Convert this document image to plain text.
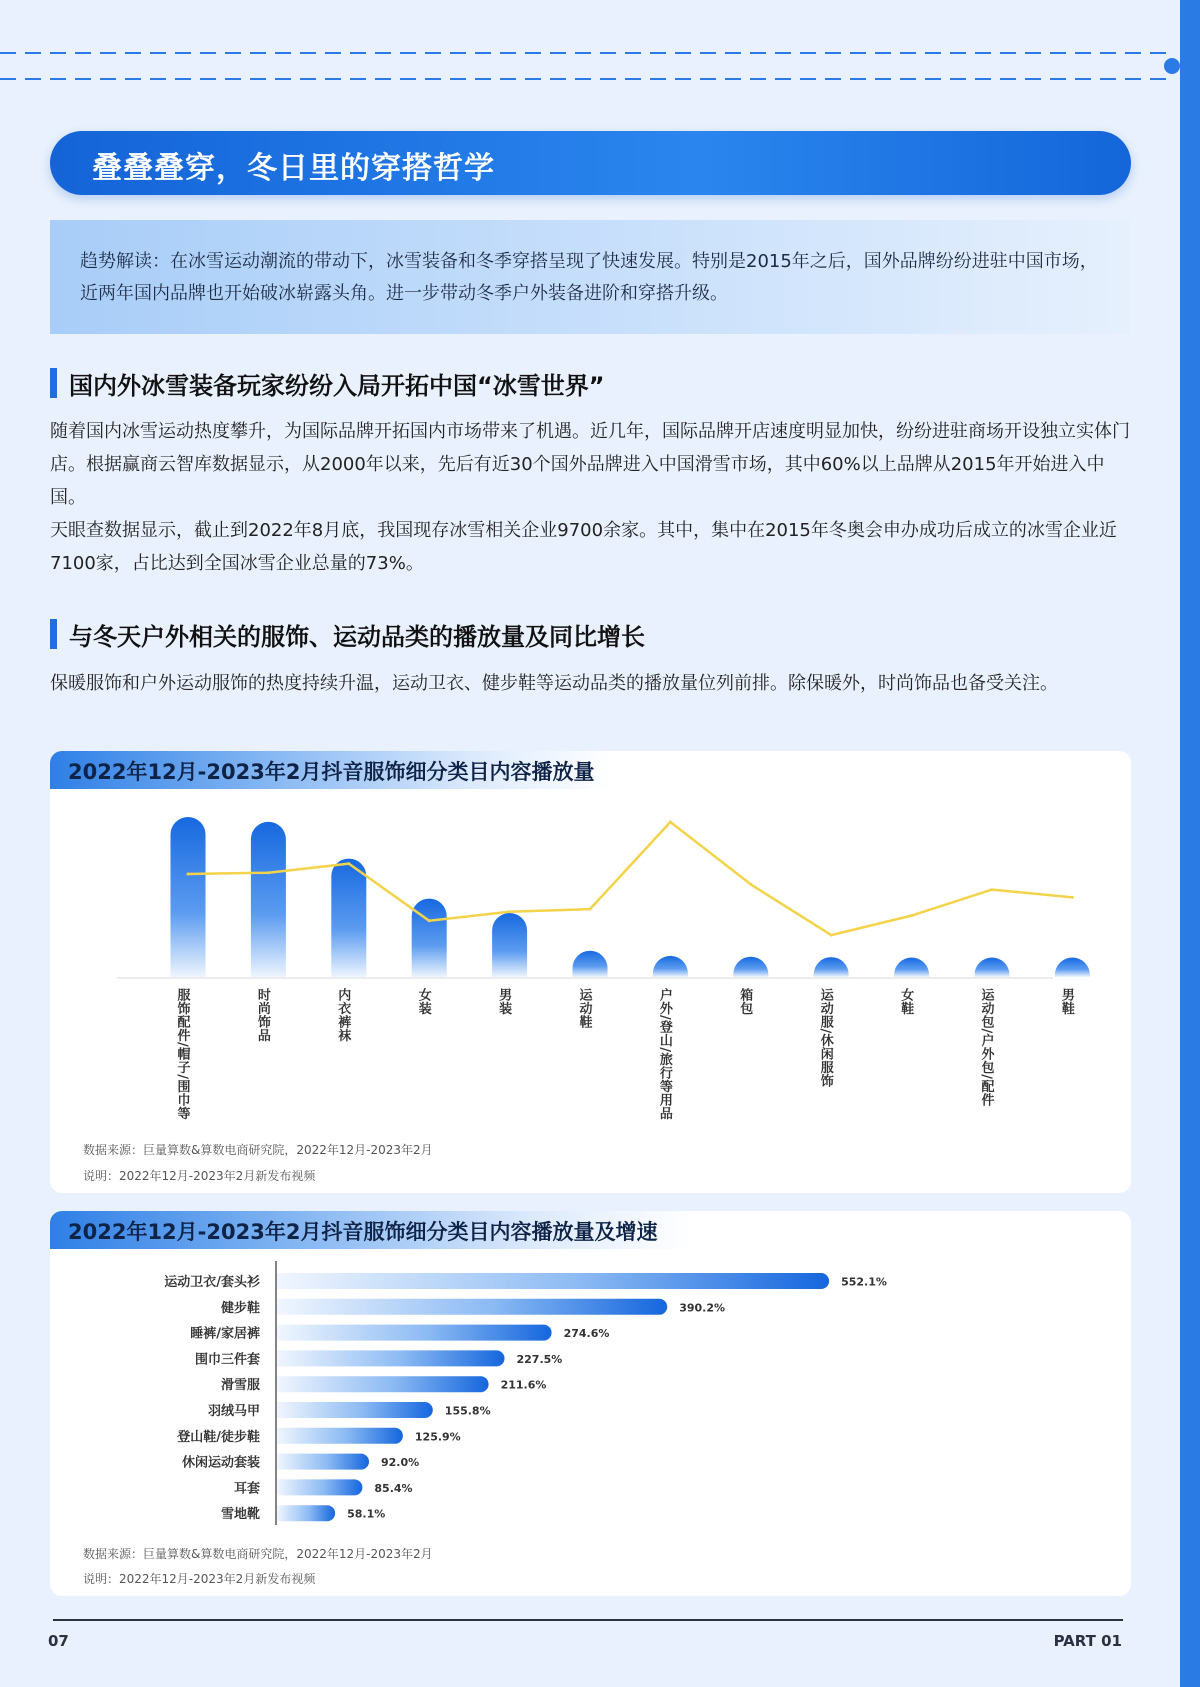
叠叠叠穿，冬日里的穿搭哲学
趋势解读：在冰雪运动潮流的带动下，冰雪装备和冬季穿搭呈现了快速发展。特别是2015年之后，国外品牌纷纷进驻中国市场，近两年国内品牌也开始破冰崭露头角。进一步带动冬季户外装备进阶和穿搭升级。
国内外冰雪装备玩家纷纷入局开拓中国“冰雪世界”
随着国内冰雪运动热度攀升，为国际品牌开拓国内市场带来了机遇。近几年，国际品牌开店速度明显加快，纷纷进驻商场开设独立实体门店。根据赢商云智库数据显示，从2000年以来，先后有近30个国外品牌进入中国滑雪市场，其中60%以上品牌从2015年开始进入中国。
天眼查数据显示，截止到2022年8月底，我国现存冰雪相关企业9700余家。其中，集中在2015年冬奥会申办成功后成立的冰雪企业近7100家，占比达到全国冰雪企业总量的73%。
与冬天户外相关的服饰、运动品类的播放量及同比增长
保暖服饰和户外运动服饰的热度持续升温，运动卫衣、健步鞋等运动品类的播放量位列前排。除保暖外，时尚饰品也备受关注。
2022年12月-2023年2月抖音服饰细分类目内容播放量
服饰配件/帽子/围巾等	时尚饰品	内衣裤袜	女装	男装	运动鞋	户外/登山/旅行等用品	箱包	运动服/休闲服饰	女鞋	运动包/户外包/配件	男鞋
数据来源：巨量算数&算数电商研究院，2022年12月-2023年2月
说明：2022年12月-2023年2月新发布视频
2022年12月-2023年2月抖音服饰细分类目内容播放量及增速
552.1%
运动卫衣/套头衫
390.2%
健步鞋
274.6%
睡裤/家居裤
227.5%
围巾三件套
211.6%
滑雪服
155.8%
羽绒马甲
125.9%
登山鞋/徒步鞋
92.0%
休闲运动套装
85.4%
耳套
58.1%
雪地靴
数据来源：巨量算数&算数电商研究院，2022年12月-2023年2月
说明：2022年12月-2023年2月新发布视频
07	PART 01
